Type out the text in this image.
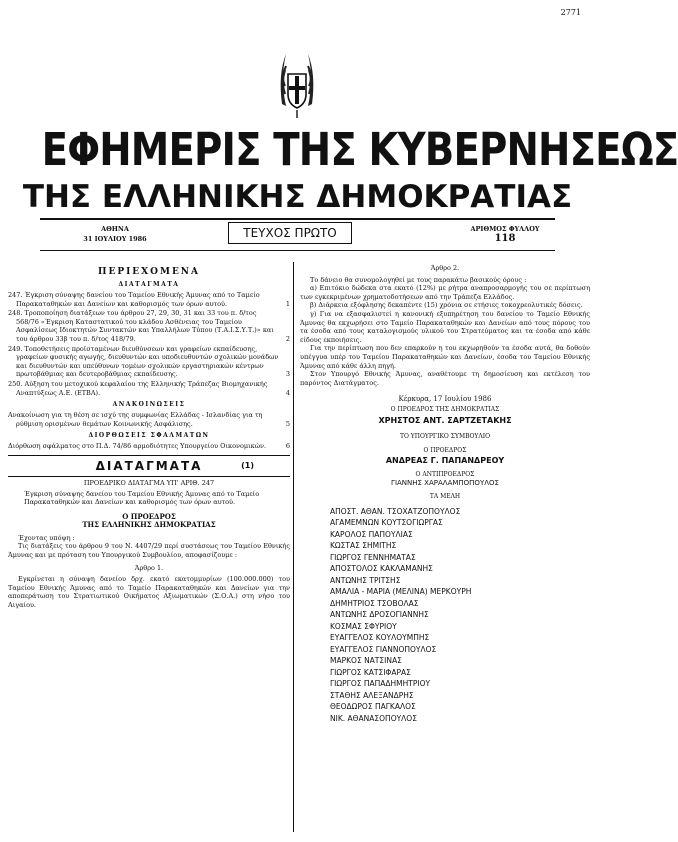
2771
ΕΦΗΜΕΡΙΣ ΤΗΣ ΚΥΒΕΡΝΗΣΕΩΣ
ΤΗΣ ΕΛΛΗΝΙΚΗΣ ΔΗΜΟΚΡΑΤΙΑΣ
ΑΘΗΝΑ
31 ΙΟΥΛΙΟΥ 1986	ΤΕΥΧΟΣ ΠΡΩΤΟ	ΑΡΙΘΜΟΣ ΦΥΛΛΟΥ
118
ΠΕΡΙΕΧΟΜΕΝΑ
ΔΙΑΤΑΓΜΑΤΑ
247. Έγκριση σύναψης δανείου του Ταμείου Εθνικής Άμυνας από το Ταμείο Παρακαταθηκών και Δανείων και καθορισμός των όρων αυτού.	1
248. Τροποποίηση διατάξεων του άρθρου 27, 29, 30, 31 και 33 του π. δ/τος 568/76 «Έγκριση Καταστατικού του κλάδου Ασθένειας του Ταμείου Ασφαλίσεως Ιδιοκτητών Συντακτών και Υπαλλήλων Τύπου (Τ.Α.Ι.Σ.Υ.Τ.)» και του άρθρου 33β του π. δ/τος 418/79.	2
249. Τοποθετήσεις προϊσταμένων διευθύνσεων και γραφείων εκπαίδευσης, γραφείων φυσικής αγωγής, διευθυντών και υποδιευθυντών σχολικών μονάδων και διευθυντών και υπεύθυνων τομέων σχολικών εργαστηριακών κέντρων πρωτοβάθμιας και δευτεροβάθμιας εκπαίδευσης.	3
250. Αύξηση του μετοχικού κεφαλαίου της Ελληνικής Τράπεζας Βιομηχανικής Αναπτύξεως Α.Ε. (ΕΤΒΑ).	4
ΑΝΑΚΟΙΝΩΣΕΙΣ
Ανακοίνωση για τη θέση σε ισχύ της συμφωνίας Ελλάδας - Ισλανδίας για τη ρύθμιση ορισμένων θεμάτων Κοινωνικής Ασφάλισης.	5
ΔΙΟΡΘΩΣΕΙΣ ΣΦΑΛΜΑΤΩΝ
Διόρθωση σφάλματος στο Π.Δ. 74/86 αρμοδιότητες Υπουργείου Οικονομικών.	6
ΔΙΑΤΑΓΜΑΤΑ	(1)
ΠΡΟΕΔΡΙΚΟ ΔΙΑΤΑΓΜΑ ΥΠ' ΑΡΙΘ. 247
Έγκριση σύναψης δανείου του Ταμείου Εθνικής Άμυνας από το Ταμείο Παρακαταθηκών και Δανείων και καθορισμός των όρων αυτού.
Ο ΠΡΟΕΔΡΟΣ
ΤΗΣ ΕΛΛΗΝΙΚΗΣ ΔΗΜΟΚΡΑΤΙΑΣ
Έχοντας υπόψη :
Τις διατάξεις του άρθρου 9 του Ν. 4407/29 περί συστάσεως του Ταμείου Εθνικής Άμυνας και με πρόταση του Υπουργικού Συμβουλίου, αποφασίζουμε :
Άρθρο 1.
Εγκρίνεται η σύναψη δανείου δρχ. εκατό εκατομμυρίων (100.000.000) του Ταμείου Εθνικής Άμυνας από το Ταμείο Παρακαταθηκών και Δανείων για την αποπεράτωση του Στρατιωτικού Οικήματος Αξιωματικών (Σ.Ο.Α.) στη νήσο του Αιγαίου.
Άρθρο 2.
Το δάνειο θα συνομολογηθεί με τους παρακάτω βασικούς όρους :
α) Επιτόκιο δώδεκα στα εκατό (12%) με ρήτρα αναπροσαρμογής του σε περίπτωση των εγκεκριμένων χρηματοδοτήσεων από την Τράπεζα Ελλάδος.
β) Διάρκεια εξόφλησης δεκαπέντε (15) χρόνια σε ετήσιες τοκοχρεολυτικές δόσεις.
γ) Για να εξασφαλιστεί η κανονική εξυπηρέτηση του δανείου το Ταμείο Εθνικής Άμυνας θα εκχωρήσει στο Ταμείο Παρακαταθηκών και Δανείων από τους πόρους του τα έσοδα από τους καταλογισμούς υλικού του Στρατεύματος και τα έσοδα από κάθε είδους εκποιήσεις.
Για την περίπτωση που δεν επαρκούν η του εκχωρηθούν τα έσοδα αυτά, θα δοθούν υπέγγυα υπέρ του Ταμείου Παρακαταθηκών και Δανείων, έσοδα του Ταμείου Εθνικής Άμυνας από κάθε άλλη πηγή.
Στον Υπουργό Εθνικής Άμυνας, αναθέτουμε τη δημοσίευση και εκτέλεση του παρόντος Διατάγματος.
Κέρκυρα, 17 Ιουλίου 1986
Ο ΠΡΟΕΔΡΟΣ ΤΗΣ ΔΗΜΟΚΡΑΤΙΑΣ
ΧΡΗΣΤΟΣ ΑΝΤ. ΣΑΡΤΖΕΤΑΚΗΣ
ΤΟ ΥΠΟΥΡΓΙΚΟ ΣΥΜΒΟΥΛΙΟ
Ο ΠΡΟΕΔΡΟΣ
ΑΝΔΡΕΑΣ Γ. ΠΑΠΑΝΔΡΕΟΥ
Ο ΑΝΤΙΠΡΟΕΔΡΟΣ
ΓΙΑΝΝΗΣ ΧΑΡΑΛΑΜΠΟΠΟΥΛΟΣ
ΤΑ ΜΕΛΗ
ΑΠΟΣΤ. ΑΘΑΝ. ΤΣΟΧΑΤΖΟΠΟΥΛΟΣ
ΑΓΑΜΕΜΝΩΝ ΚΟΥΤΣΟΓΙΩΡΓΑΣ
ΚΑΡΟΛΟΣ ΠΑΠΟΥΛΙΑΣ
ΚΩΣΤΑΣ ΣΗΜΙΤΗΣ
ΓΙΩΡΓΟΣ ΓΕΝΝΗΜΑΤΑΣ
ΑΠΟΣΤΟΛΟΣ ΚΑΚΛΑΜΑΝΗΣ
ΑΝΤΩΝΗΣ ΤΡΙΤΣΗΣ
ΑΜΑΛΙΑ - ΜΑΡΙΑ (ΜΕΛΙΝΑ) ΜΕΡΚΟΥΡΗ
ΔΗΜΗΤΡΙΟΣ ΤΣΟΒΟΛΑΣ
ΑΝΤΩΝΗΣ ΔΡΟΣΟΓΙΑΝΝΗΣ
ΚΟΣΜΑΣ ΣΦΥΡΙΟΥ
ΕΥΑΓΓΕΛΟΣ ΚΟΥΛΟΥΜΠΗΣ
ΕΥΑΓΓΕΛΟΣ ΓΙΑΝΝΟΠΟΥΛΟΣ
ΜΑΡΚΟΣ ΝΑΤΣΙΝΑΣ
ΓΙΩΡΓΟΣ ΚΑΤΣΙΦΑΡΑΣ
ΓΙΩΡΓΟΣ ΠΑΠΑΔΗΜΗΤΡΙΟΥ
ΣΤΑΘΗΣ ΑΛΕΞΑΝΔΡΗΣ
ΘΕΟΔΩΡΟΣ ΠΑΓΚΑΛΟΣ
ΝΙΚ. ΑΘΑΝΑΣΟΠΟΥΛΟΣ
